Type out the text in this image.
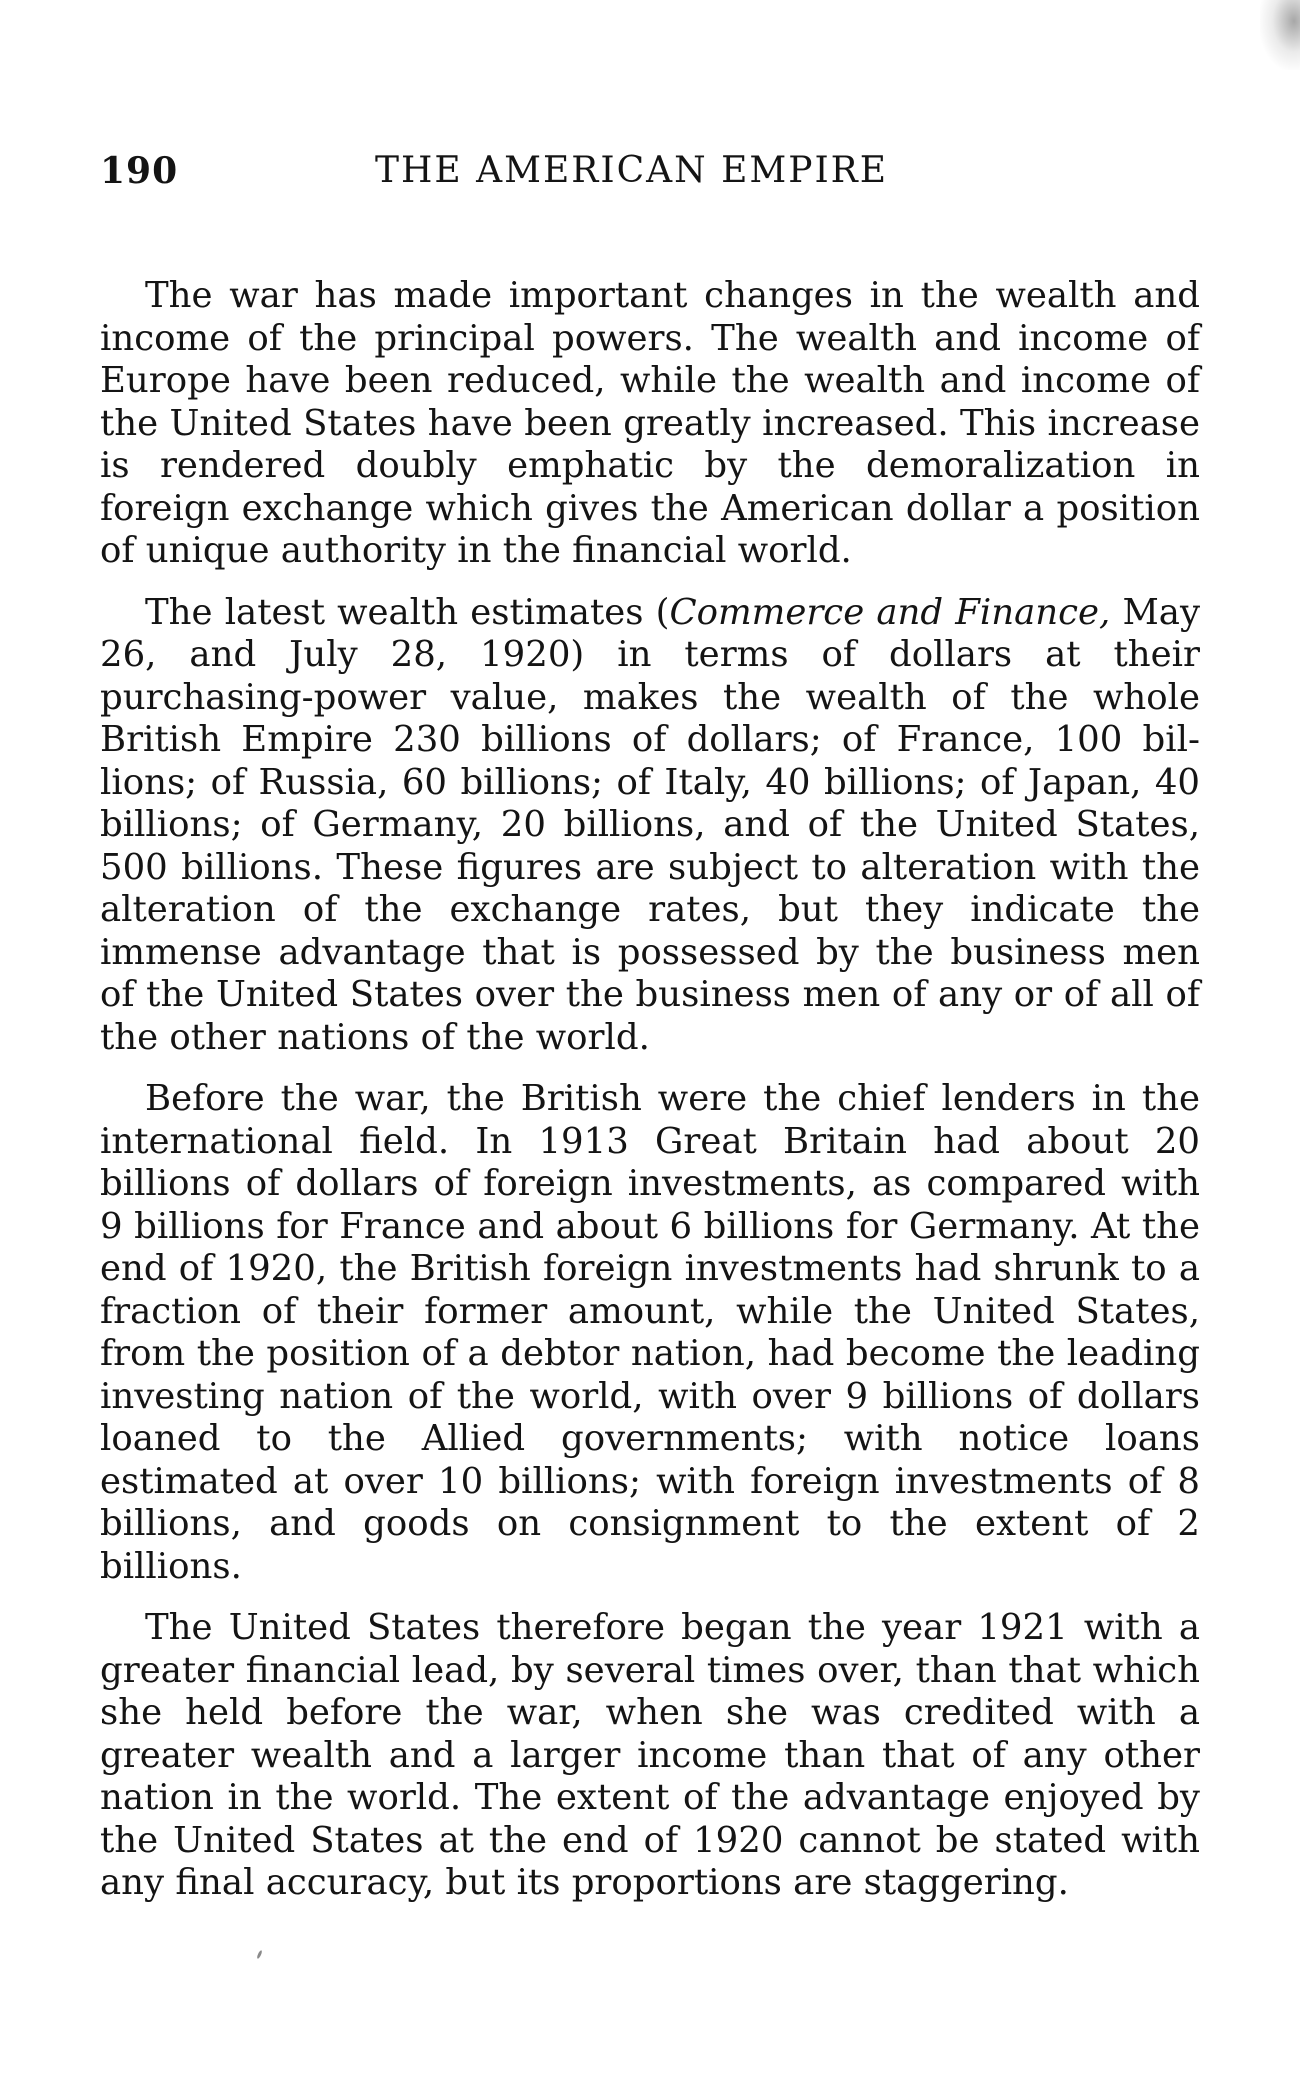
190	THE AMERICAN EMPIRE

The war has made important changes in the wealth and income of the principal powers. The wealth and income of Europe have been reduced, while the wealth and income of the United States have been greatly increased. This increase is rendered doubly emphatic by the demoralization in foreign exchange which gives the American dollar a position of unique authority in the financial world.

The latest wealth estimates (Commerce and Finance, May 26, and July 28, 1920) in terms of dollars at their purchasing-power value, makes the wealth of the whole British Empire 230 billions of dollars; of France, 100 billions; of Russia, 60 billions; of Italy, 40 billions; of Japan, 40 billions; of Germany, 20 billions, and of the United States, 500 billions. These figures are subject to alteration with the alteration of the exchange rates, but they indicate the immense advantage that is possessed by the business men of the United States over the business men of any or of all of the other nations of the world.

Before the war, the British were the chief lenders in the international field. In 1913 Great Britain had about 20 billions of dollars of foreign investments, as compared with 9 billions for France and about 6 billions for Germany. At the end of 1920, the British foreign investments had shrunk to a fraction of their former amount, while the United States, from the position of a debtor nation, had become the leading investing nation of the world, with over 9 billions of dollars loaned to the Allied governments; with notice loans estimated at over 10 billions; with foreign investments of 8 billions, and goods on consignment to the extent of 2 billions.

The United States therefore began the year 1921 with a greater financial lead, by several times over, than that which she held before the war, when she was credited with a greater wealth and a larger income than that of any other nation in the world. The extent of the advantage enjoyed by the United States at the end of 1920 cannot be stated with any final accuracy, but its proportions are staggering.
